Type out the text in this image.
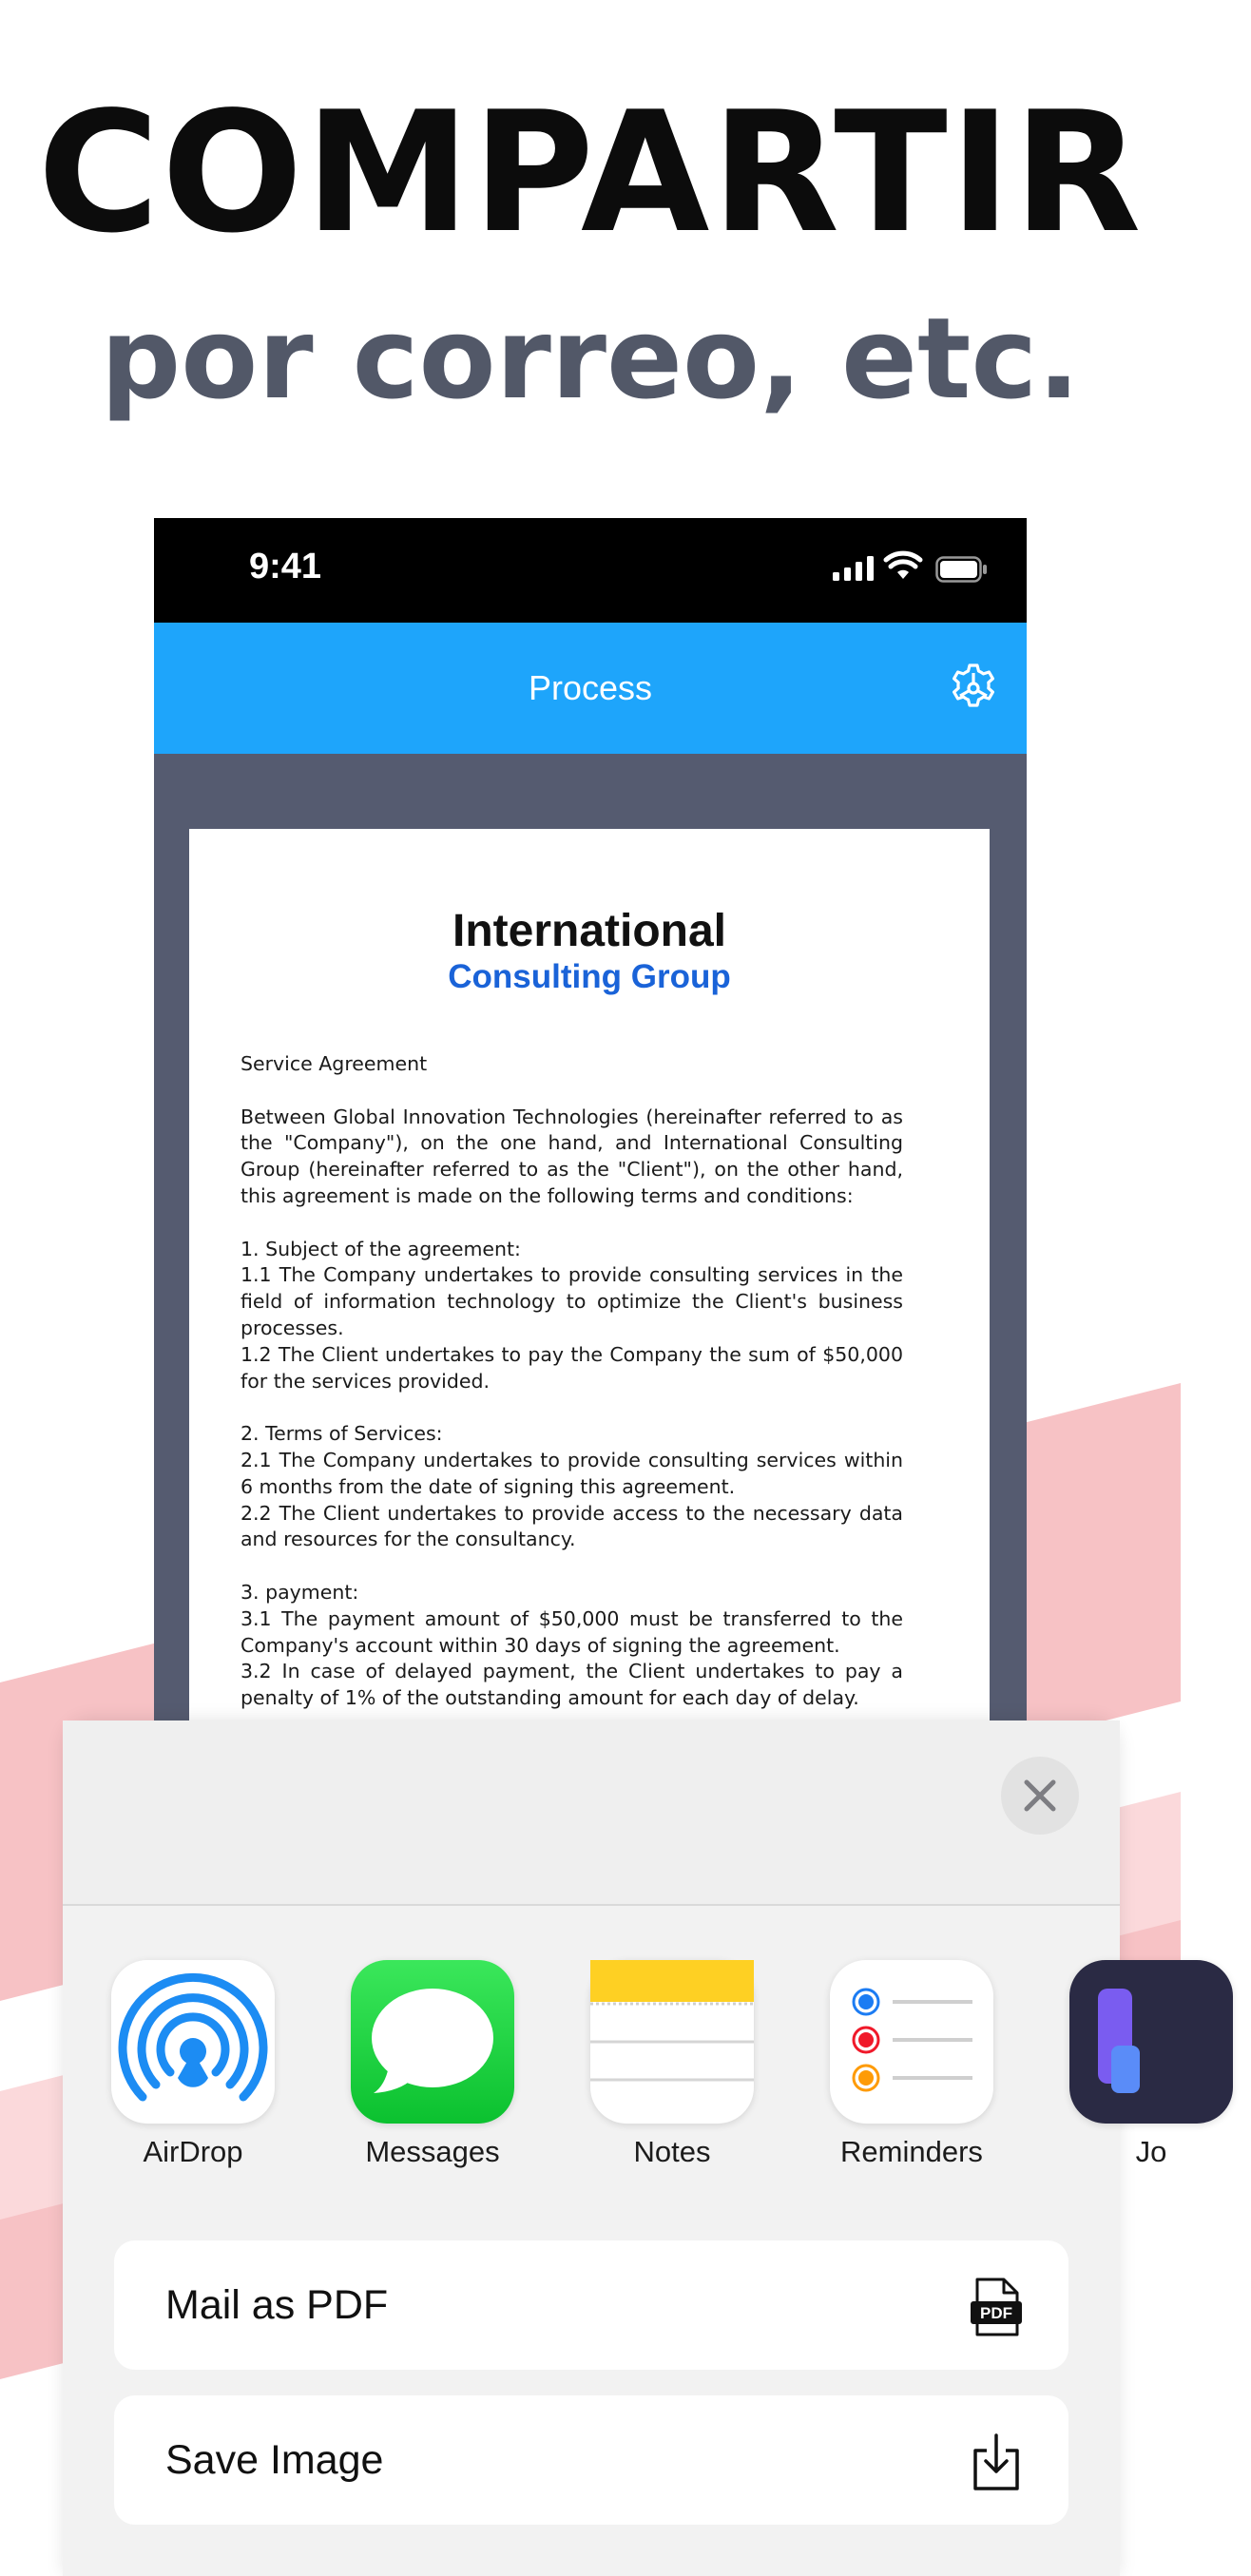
COMPARTIR
por correo, etc.
9:41
Process
International
Consulting Group

Service Agreement

Between Global Innovation Technologies (hereinafter referred to as the "Company"), on the one hand, and International Consulting Group (hereinafter referred to as the "Client"), on the other hand, this agreement is made on the following terms and conditions:

1. Subject of the agreement:

1.1 The Company undertakes to provide consulting services in the field of information technology to optimize the Client's business processes.

1.2 The Client undertakes to pay the Company the sum of $50,000 for the services provided.

2. Terms of Services:

2.1 The Company undertakes to provide consulting services within 6 months from the date of signing this agreement.

2.2 The Client undertakes to provide access to the necessary data and resources for the consultancy.

3. payment:

3.1 The payment amount of $50,000 must be transferred to the Company's account within 30 days of signing the agreement.

3.2 In case of delayed payment, the Client undertakes to pay a penalty of 1% of the outstanding amount for each day of delay.

AirDrop	Messages	Notes	Reminders	Jo
Mail as PDF	PDF
Save Image
